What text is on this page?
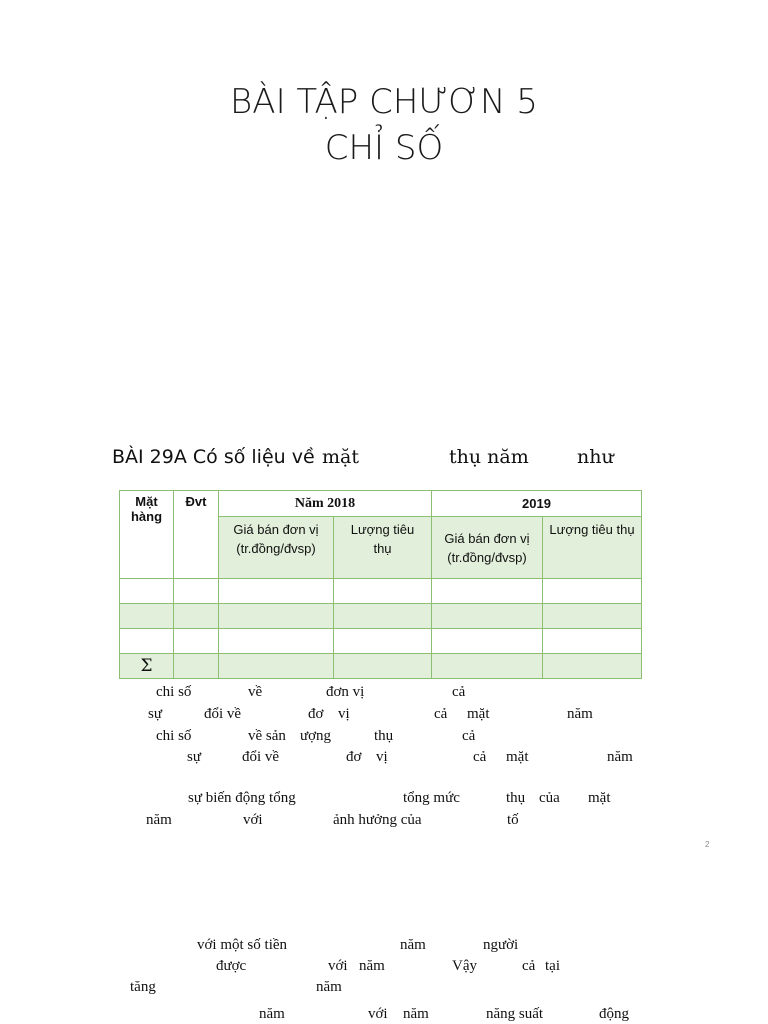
BÀI TẬP CHƯƠN 5
CHỈ SỐ
BÀI 29A Có số liệu về mặt	thụ năm	như
Mặt hàng	Đvt	Năm 2018		2019	
		Giá bán đơn vị (tr.đồng/đvsp)	Lượng tiêu thụ	Giá bán đơn vị (tr.đồng/đvsp)	Lượng tiêu thụ

Σ					
chi số	về	đơn vị	cả
sự	đổi về	đơ vị	cả mặt	năm
chi số	về sản ượng	thụ	cả
sự	đổi về	đơ vị	cả mặt	năm
sự biến động tổng	tổng mức	thụ của mặt
năm	với	ảnh hưởng của	tố
2
với một số tiền	năm	người
được	với năm	Vậy	cả tại
tăng	năm
năm	với năm	năng suất	động
